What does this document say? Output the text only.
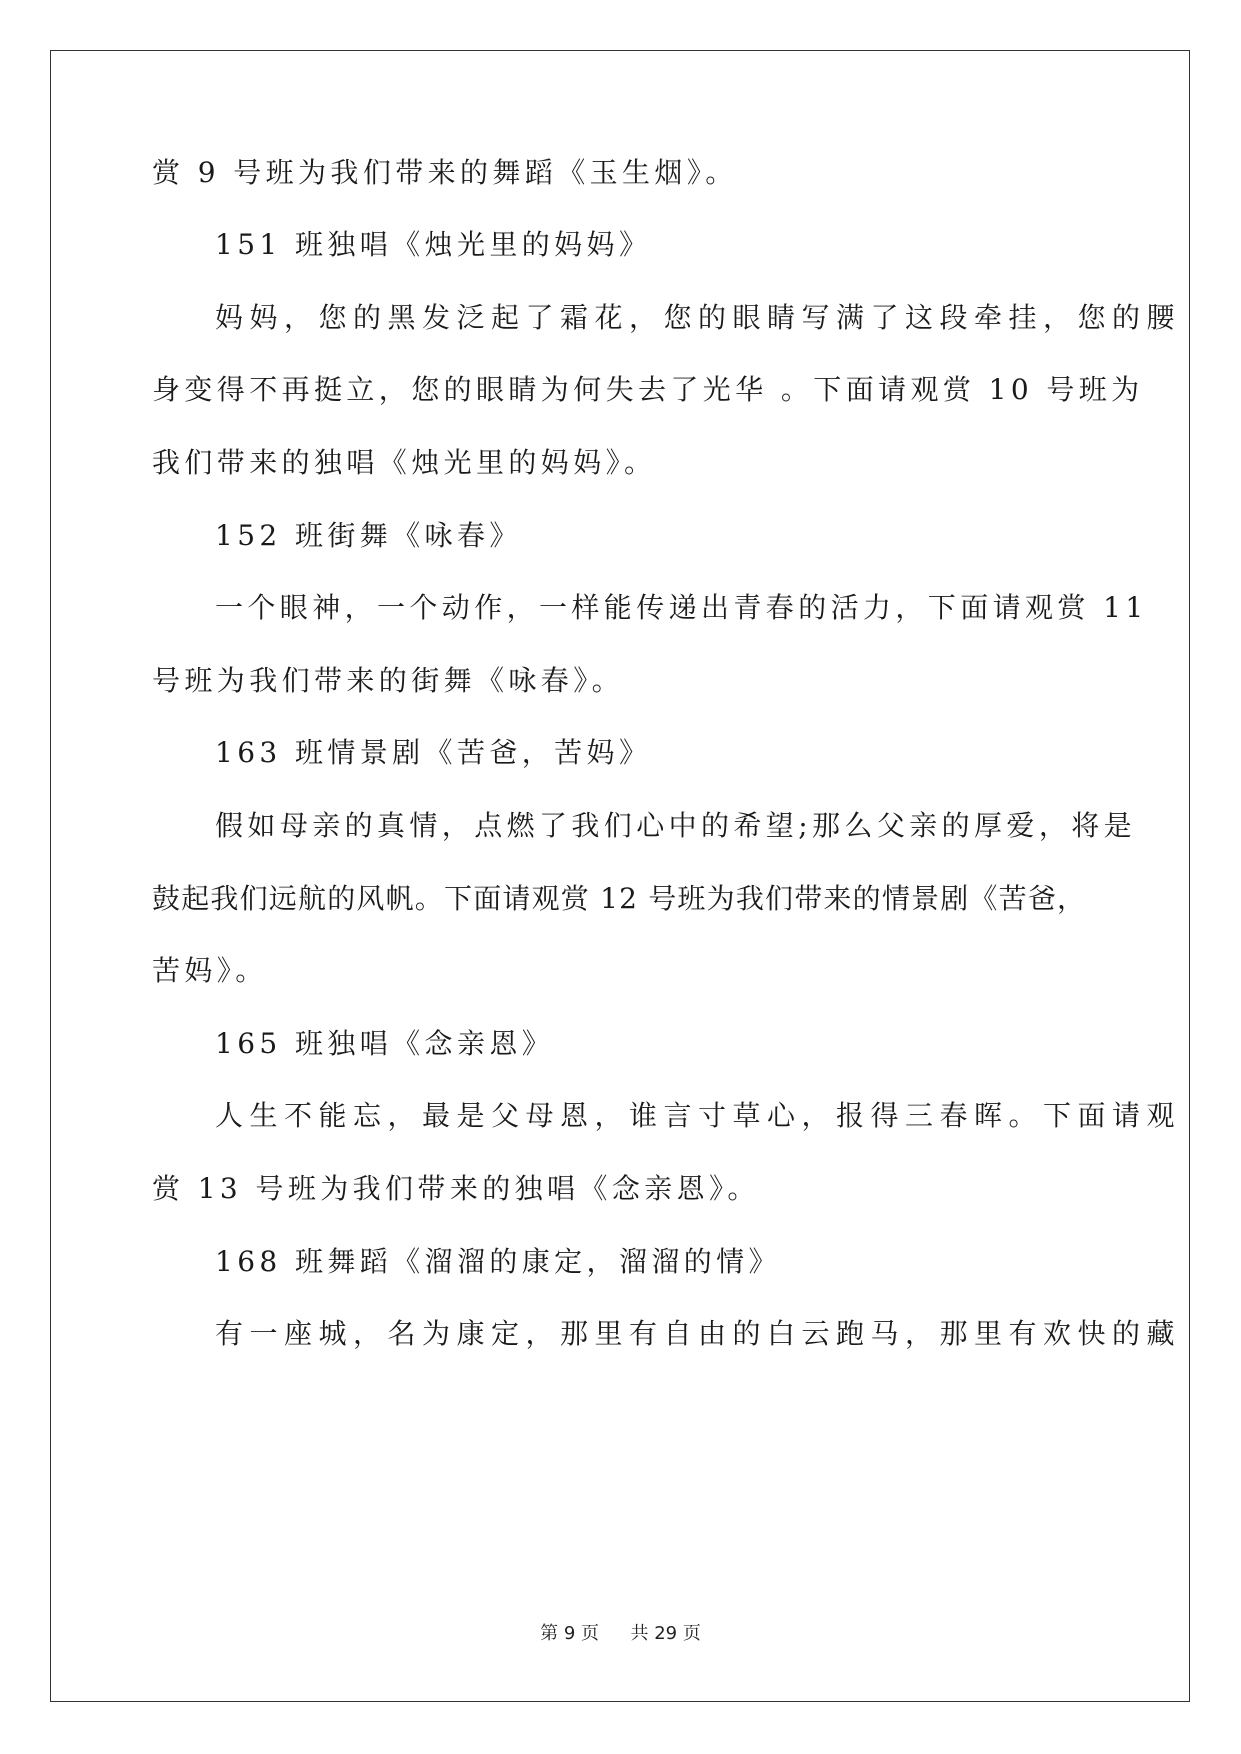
赏 9 号班为我们带来的舞蹈《玉生烟》。
151 班独唱《烛光里的妈妈》
妈妈，您的黑发泛起了霜花，您的眼睛写满了这段牵挂，您的腰
身变得不再挺立，您的眼睛为何失去了光华 。下面请观赏 10 号班为
我们带来的独唱《烛光里的妈妈》。
152 班街舞《咏春》
一个眼神，一个动作，一样能传递出青春的活力，下面请观赏 11
号班为我们带来的街舞《咏春》。
163 班情景剧《苦爸，苦妈》
假如母亲的真情，点燃了我们心中的希望;那么父亲的厚爱，将是
鼓起我们远航的风帆。下面请观赏 12 号班为我们带来的情景剧《苦爸，
苦妈》。
165 班独唱《念亲恩》
人生不能忘，最是父母恩，谁言寸草心，报得三春晖。下面请观
赏 13 号班为我们带来的独唱《念亲恩》。
168 班舞蹈《溜溜的康定，溜溜的情》
有一座城，名为康定，那里有自由的白云跑马，那里有欢快的藏
第 9 页 共 29 页
